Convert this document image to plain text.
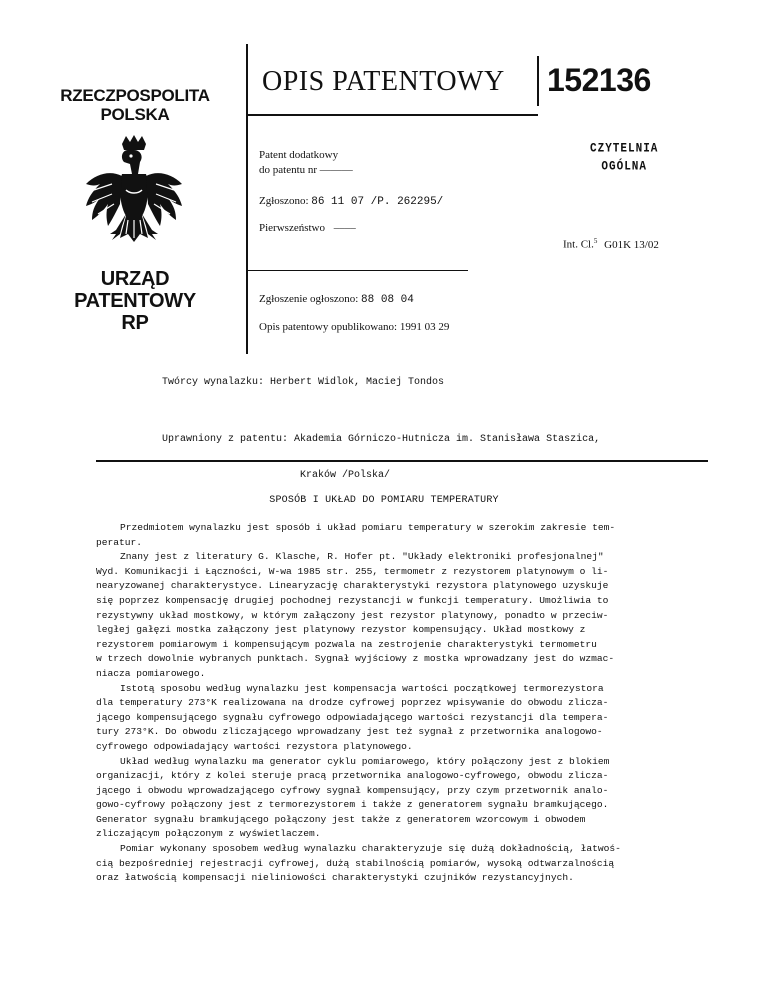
RZECZPOSPOLITA
POLSKA
URZĄD
PATENTOWY
RP
OPIS PATENTOWY 152136
CZYTELNIA
OGÓLNA
Patent dodatkowy
do patentu nr ———
Zgłoszono: 86 11 07 /P. 262295/
Pierwszeństwo ––––
Int. Cl.$^5$ G01K 13/02
Zgłoszenie ogłoszono: 88 08 04
Opis patentowy opublikowano: 1991 03 29
Twórcy wynalazku: Herbert Widlok, Maciej Tondos

Uprawniony z patentu: Akademia Górniczo-Hutnicza im. Stanisława Staszica,

Kraków /Polska/

SPOSÓB I UKŁAD DO POMIARU TEMPERATURY

Przedmiotem wynalazku jest sposób i układ pomiaru temperatury w szerokim zakresie tem-

peratur.

Znany jest z literatury G. Klasche, R. Hofer pt. "Układy elektroniki profesjonalnej"

Wyd. Komunikacji i Łączności, W-wa 1985 str. 255, termometr z rezystorem platynowym o li-

nearyzowanej charakterystyce. Linearyzację charakterystyki rezystora platynowego uzyskuje

się poprzez kompensację drugiej pochodnej rezystancji w funkcji temperatury. Umożliwia to

rezystywny układ mostkowy, w którym załączony jest rezystor platynowy, ponadto w przeciw-

ległej gałęzi mostka załączony jest platynowy rezystor kompensujący. Układ mostkowy z

rezystorem pomiarowym i kompensującym pozwala na zestrojenie charakterystyki termometru

w trzech dowolnie wybranych punktach. Sygnał wyjściowy z mostka wprowadzany jest do wzmac-

niacza pomiarowego.

Istotą sposobu według wynalazku jest kompensacja wartości początkowej termorezystora

dla temperatury 273°K realizowana na drodze cyfrowej poprzez wpisywanie do obwodu zlicza-

jącego kompensującego sygnału cyfrowego odpowiadającego wartości rezystancji dla tempera-

tury 273°K. Do obwodu zliczającego wprowadzany jest też sygnał z przetwornika analogowo-

cyfrowego odpowiadający wartości rezystora platynowego.

Układ według wynalazku ma generator cyklu pomiarowego, który połączony jest z blokiem

organizacji, który z kolei steruje pracą przetwornika analogowo-cyfrowego, obwodu zlicza-

jącego i obwodu wprowadzającego cyfrowy sygnał kompensujący, przy czym przetwornik analo-

gowo-cyfrowy połączony jest z termorezystorem i także z generatorem sygnału bramkującego.

Generator sygnału bramkującego połączony jest także z generatorem wzorcowym i obwodem

zliczającym połączonym z wyświetlaczem.

Pomiar wykonany sposobem według wynalazku charakteryzuje się dużą dokładnością, łatwoś-

cią bezpośredniej rejestracji cyfrowej, dużą stabilnością pomiarów, wysoką odtwarzalnością

oraz łatwością kompensacji nieliniowości charakterystyki czujników rezystancyjnych.
